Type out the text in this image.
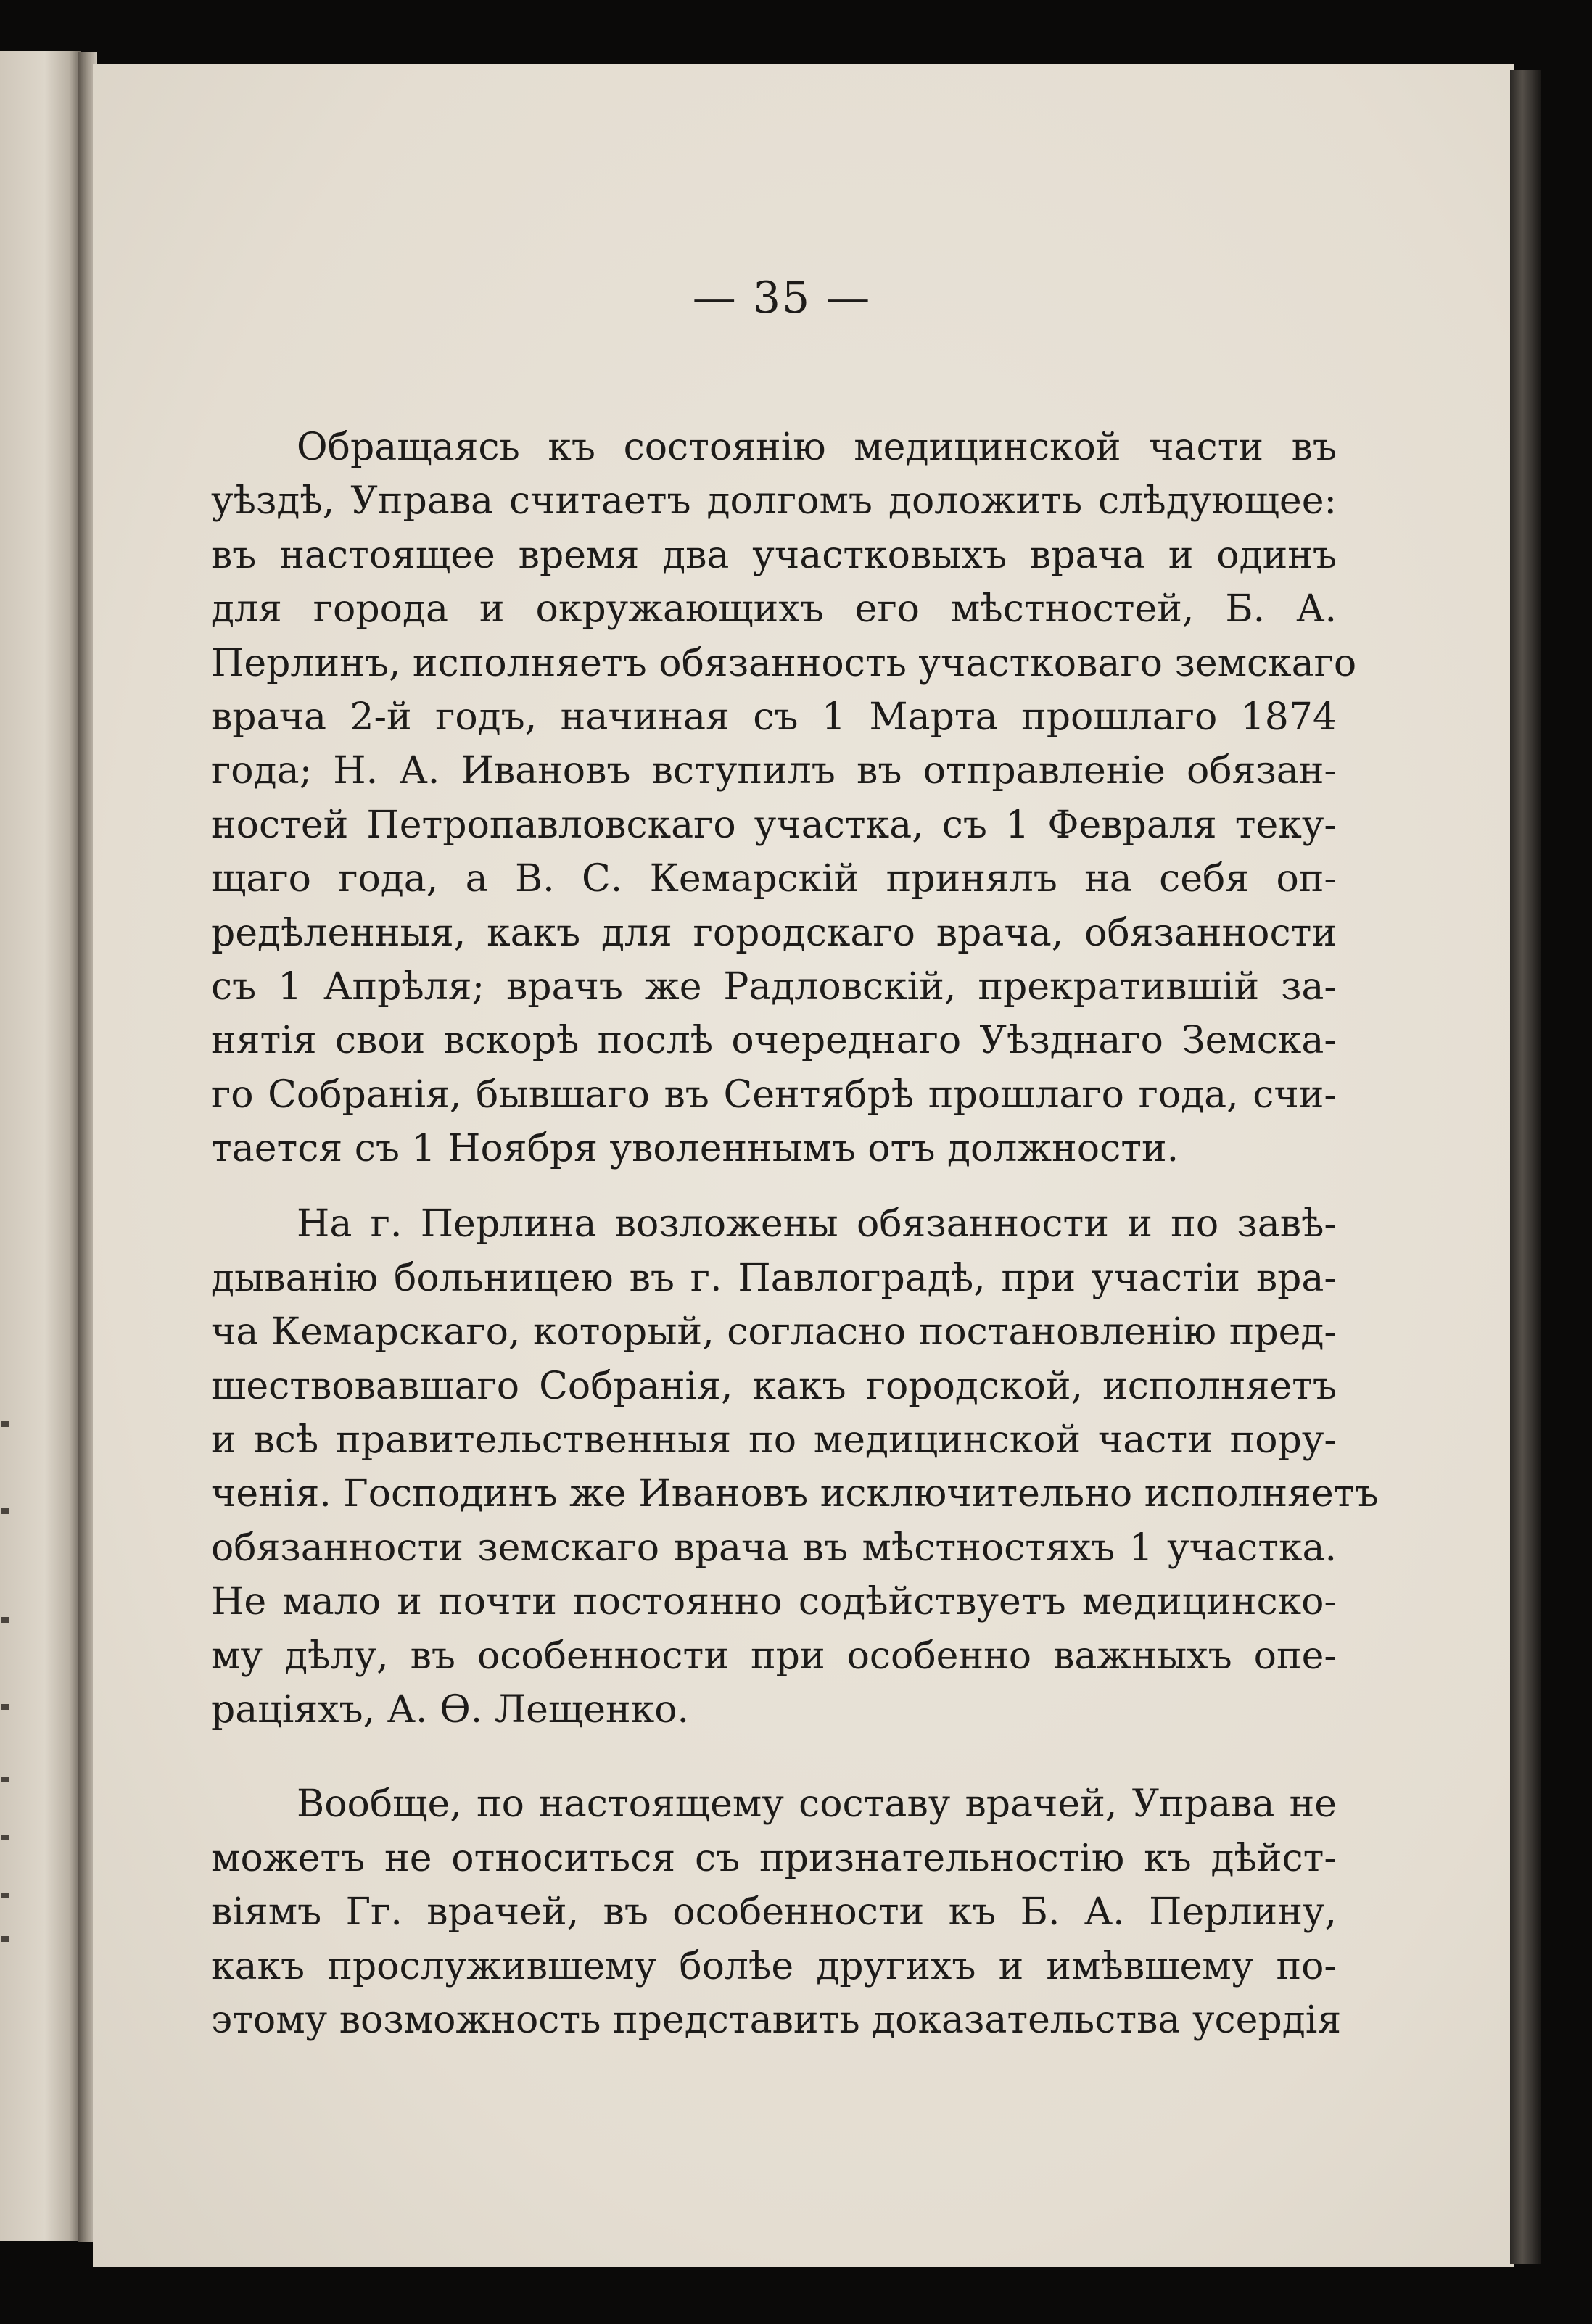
— 35 —
Обращаясь къ состоянію медицинской части въ
уѣздѣ, Управа считаетъ долгомъ доложить слѣдующее:
въ настоящее время два участковыхъ врача и одинъ
для города и окружающихъ его мѣстностей, Б. А.
Перлинъ, исполняетъ обязанность участковаго земскаго
врача 2-й годъ, начиная съ 1 Марта прошлаго 1874
года; Н. А. Ивановъ вступилъ въ отправленіе обязан-
ностей Петропавловскаго участка, съ 1 Февраля теку-
щаго года, а В. С. Кемарскій принялъ на себя оп-
редѣленныя, какъ для городскаго врача, обязанности
съ 1 Апрѣля; врачъ же Радловскій, прекратившій за-
нятія свои вскорѣ послѣ очереднаго Уѣзднаго Земска-
го Собранія, бывшаго въ Сентябрѣ прошлаго года, счи-
тается съ 1 Ноября уволеннымъ отъ должности.
На г. Перлина возложены обязанности и по завѣ-
дыванію больницею въ г. Павлоградѣ, при участіи вра-
ча Кемарскаго, который, согласно постановленію пред-
шествовавшаго Собранія, какъ городской, исполняетъ
и всѣ правительственныя по медицинской части пору-
ченія. Господинъ же Ивановъ исключительно исполняетъ
обязанности земскаго врача въ мѣстностяхъ 1 участка.
Не мало и почти постоянно содѣйствуетъ медицинско-
му дѣлу, въ особенности при особенно важныхъ опе-
раціяхъ, А. Ѳ. Лещенко.
Вообще, по настоящему составу врачей, Управа не
можетъ не относиться съ признательностію къ дѣйст-
віямъ Гг. врачей, въ особенности къ Б. А. Перлину,
какъ прослужившему болѣе другихъ и имѣвшему по-
этому возможность представить доказательства усердія
